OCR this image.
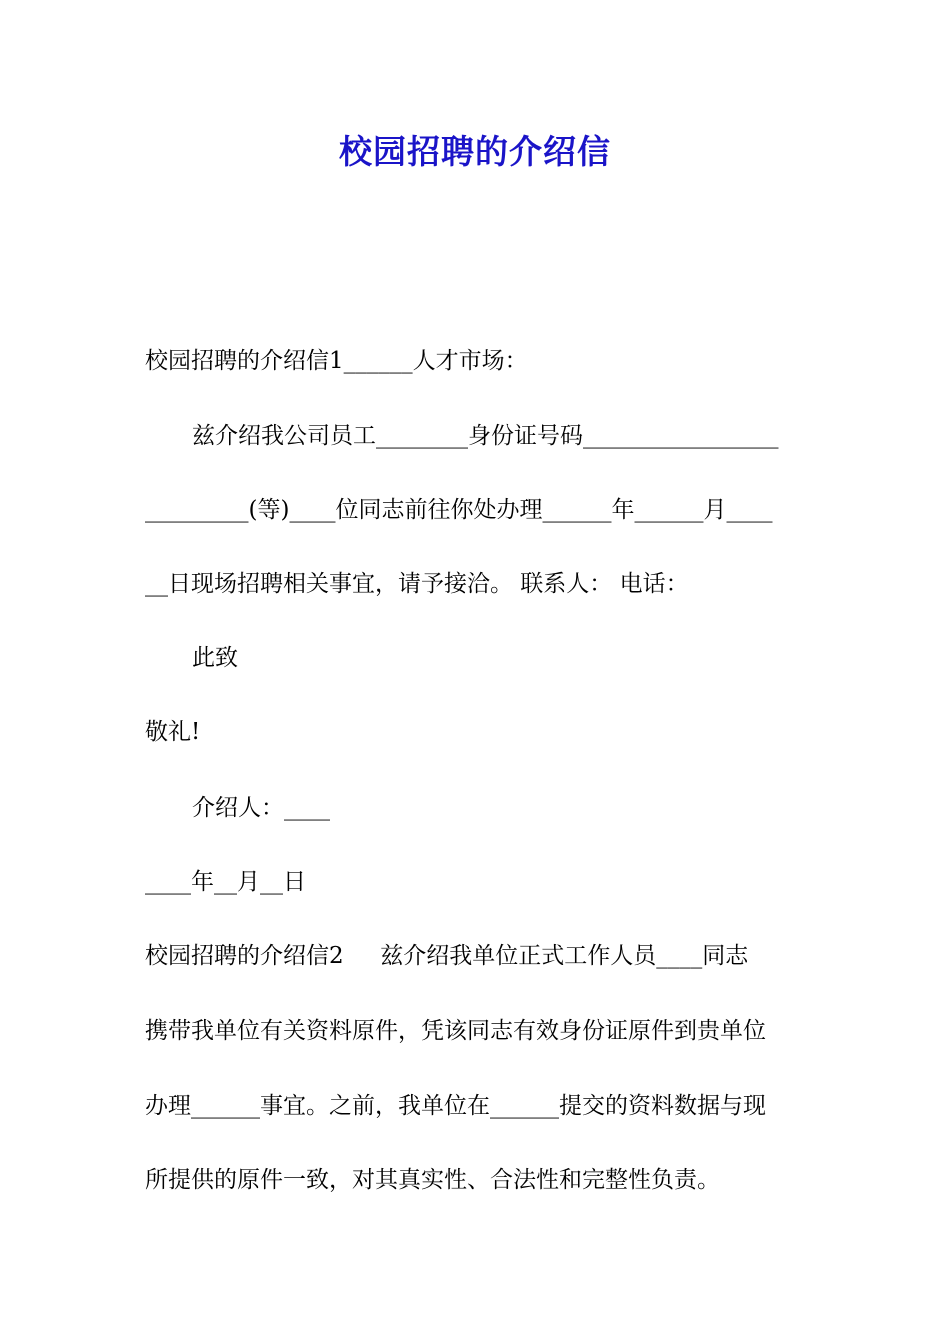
校园招聘的介绍信
校园招聘的介绍信1______人才市场：
兹介绍我公司员工________身份证号码_________________
_________(等)____位同志前往你处办理______年______月____
__日现场招聘相关事宜，请予接洽。 联系人： 电话：
此致
敬礼!
介绍人：____
____年__月__日
校园招聘的介绍信2     兹介绍我单位正式工作人员____同志
携带我单位有关资料原件，凭该同志有效身份证原件到贵单位
办理______事宜。之前，我单位在______提交的资料数据与现
所提供的原件一致，对其真实性、合法性和完整性负责。
